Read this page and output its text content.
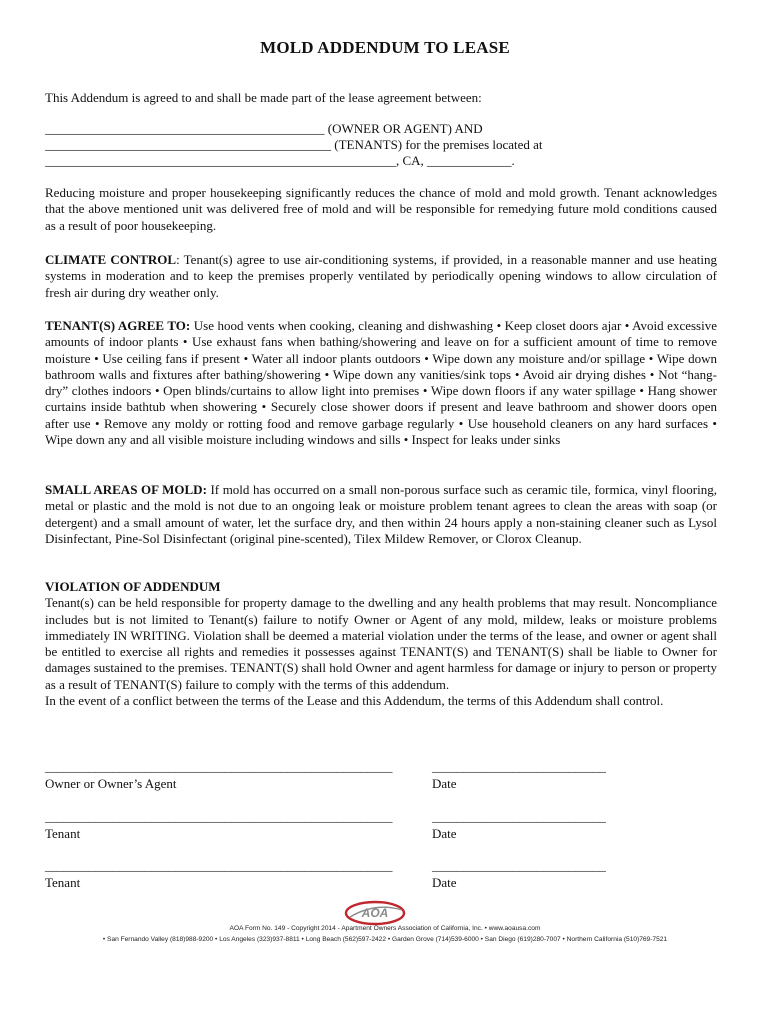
MOLD ADDENDUM TO LEASE
This Addendum is agreed to and shall be made part of the lease agreement between:
___________________________________________ (OWNER OR AGENT) AND
____________________________________________ (TENANTS) for the premises located at
______________________________________________________, CA, _____________.
Reducing moisture and proper housekeeping significantly reduces the chance of mold and mold growth. Tenant acknowledges that the above mentioned unit was delivered free of mold and will be responsible for remedying future mold conditions caused as a result of poor housekeeping.
CLIMATE CONTROL: Tenant(s) agree to use air-conditioning systems, if provided, in a reasonable manner and use heating systems in moderation and to keep the premises properly ventilated by periodically opening windows to allow circulation of fresh air during dry weather only.
TENANT(S) AGREE TO: Use hood vents when cooking, cleaning and dishwashing • Keep closet doors ajar • Avoid excessive amounts of indoor plants • Use exhaust fans when bathing/showering and leave on for a sufficient amount of time to remove moisture • Use ceiling fans if present • Water all indoor plants outdoors • Wipe down any moisture and/or spillage • Wipe down bathroom walls and fixtures after bathing/showering • Wipe down any vanities/sink tops • Avoid air drying dishes • Not “hang-dry” clothes indoors • Open blinds/curtains to allow light into premises • Wipe down floors if any water spillage • Hang shower curtains inside bathtub when showering • Securely close shower doors if present and leave bathroom and shower doors open after use • Remove any moldy or rotting food and remove garbage regularly • Use household cleaners on any hard surfaces • Wipe down any and all visible moisture including windows and sills • Inspect for leaks under sinks
SMALL AREAS OF MOLD: If mold has occurred on a small non-porous surface such as ceramic tile, formica, vinyl flooring, metal or plastic and the mold is not due to an ongoing leak or moisture problem tenant agrees to clean the areas with soap (or detergent) and a small amount of water, let the surface dry, and then within 24 hours apply a non-staining cleaner such as Lysol Disinfectant, Pine-Sol Disinfectant (original pine-scented), Tilex Mildew Remover, or Clorox Cleanup.
VIOLATION OF ADDENDUM
Tenant(s) can be held responsible for property damage to the dwelling and any health problems that may result. Noncompliance includes but is not limited to Tenant(s) failure to notify Owner or Agent of any mold, mildew, leaks or moisture problems immediately IN WRITING. Violation shall be deemed a material violation under the terms of the lease, and owner or agent shall be entitled to exercise all rights and remedies it possesses against TENANT(S) and TENANT(S) shall be liable to Owner for damages sustained to the premises. TENANT(S) shall hold Owner and agent harmless for damage or injury to person or property as a result of TENANT(S) failure to comply with the terms of this addendum.
In the event of a conflict between the terms of the Lease and this Addendum, the terms of this Addendum shall control.
________________________________________________________
Owner or Owner’s Agent
____________________________
Date
________________________________________________________
Tenant
____________________________
Date
________________________________________________________
Tenant
____________________________
Date
AOA
AOA Form No. 149 - Copyright 2014 - Apartment Owners Association of California, Inc. • www.aoausa.com
• San Fernando Valley (818)988-9200 • Los Angeles (323)937-8811 • Long Beach (562)597-2422 • Garden Grove (714)539-6000 • San Diego (619)280-7007 • Northern California (510)769-7521
